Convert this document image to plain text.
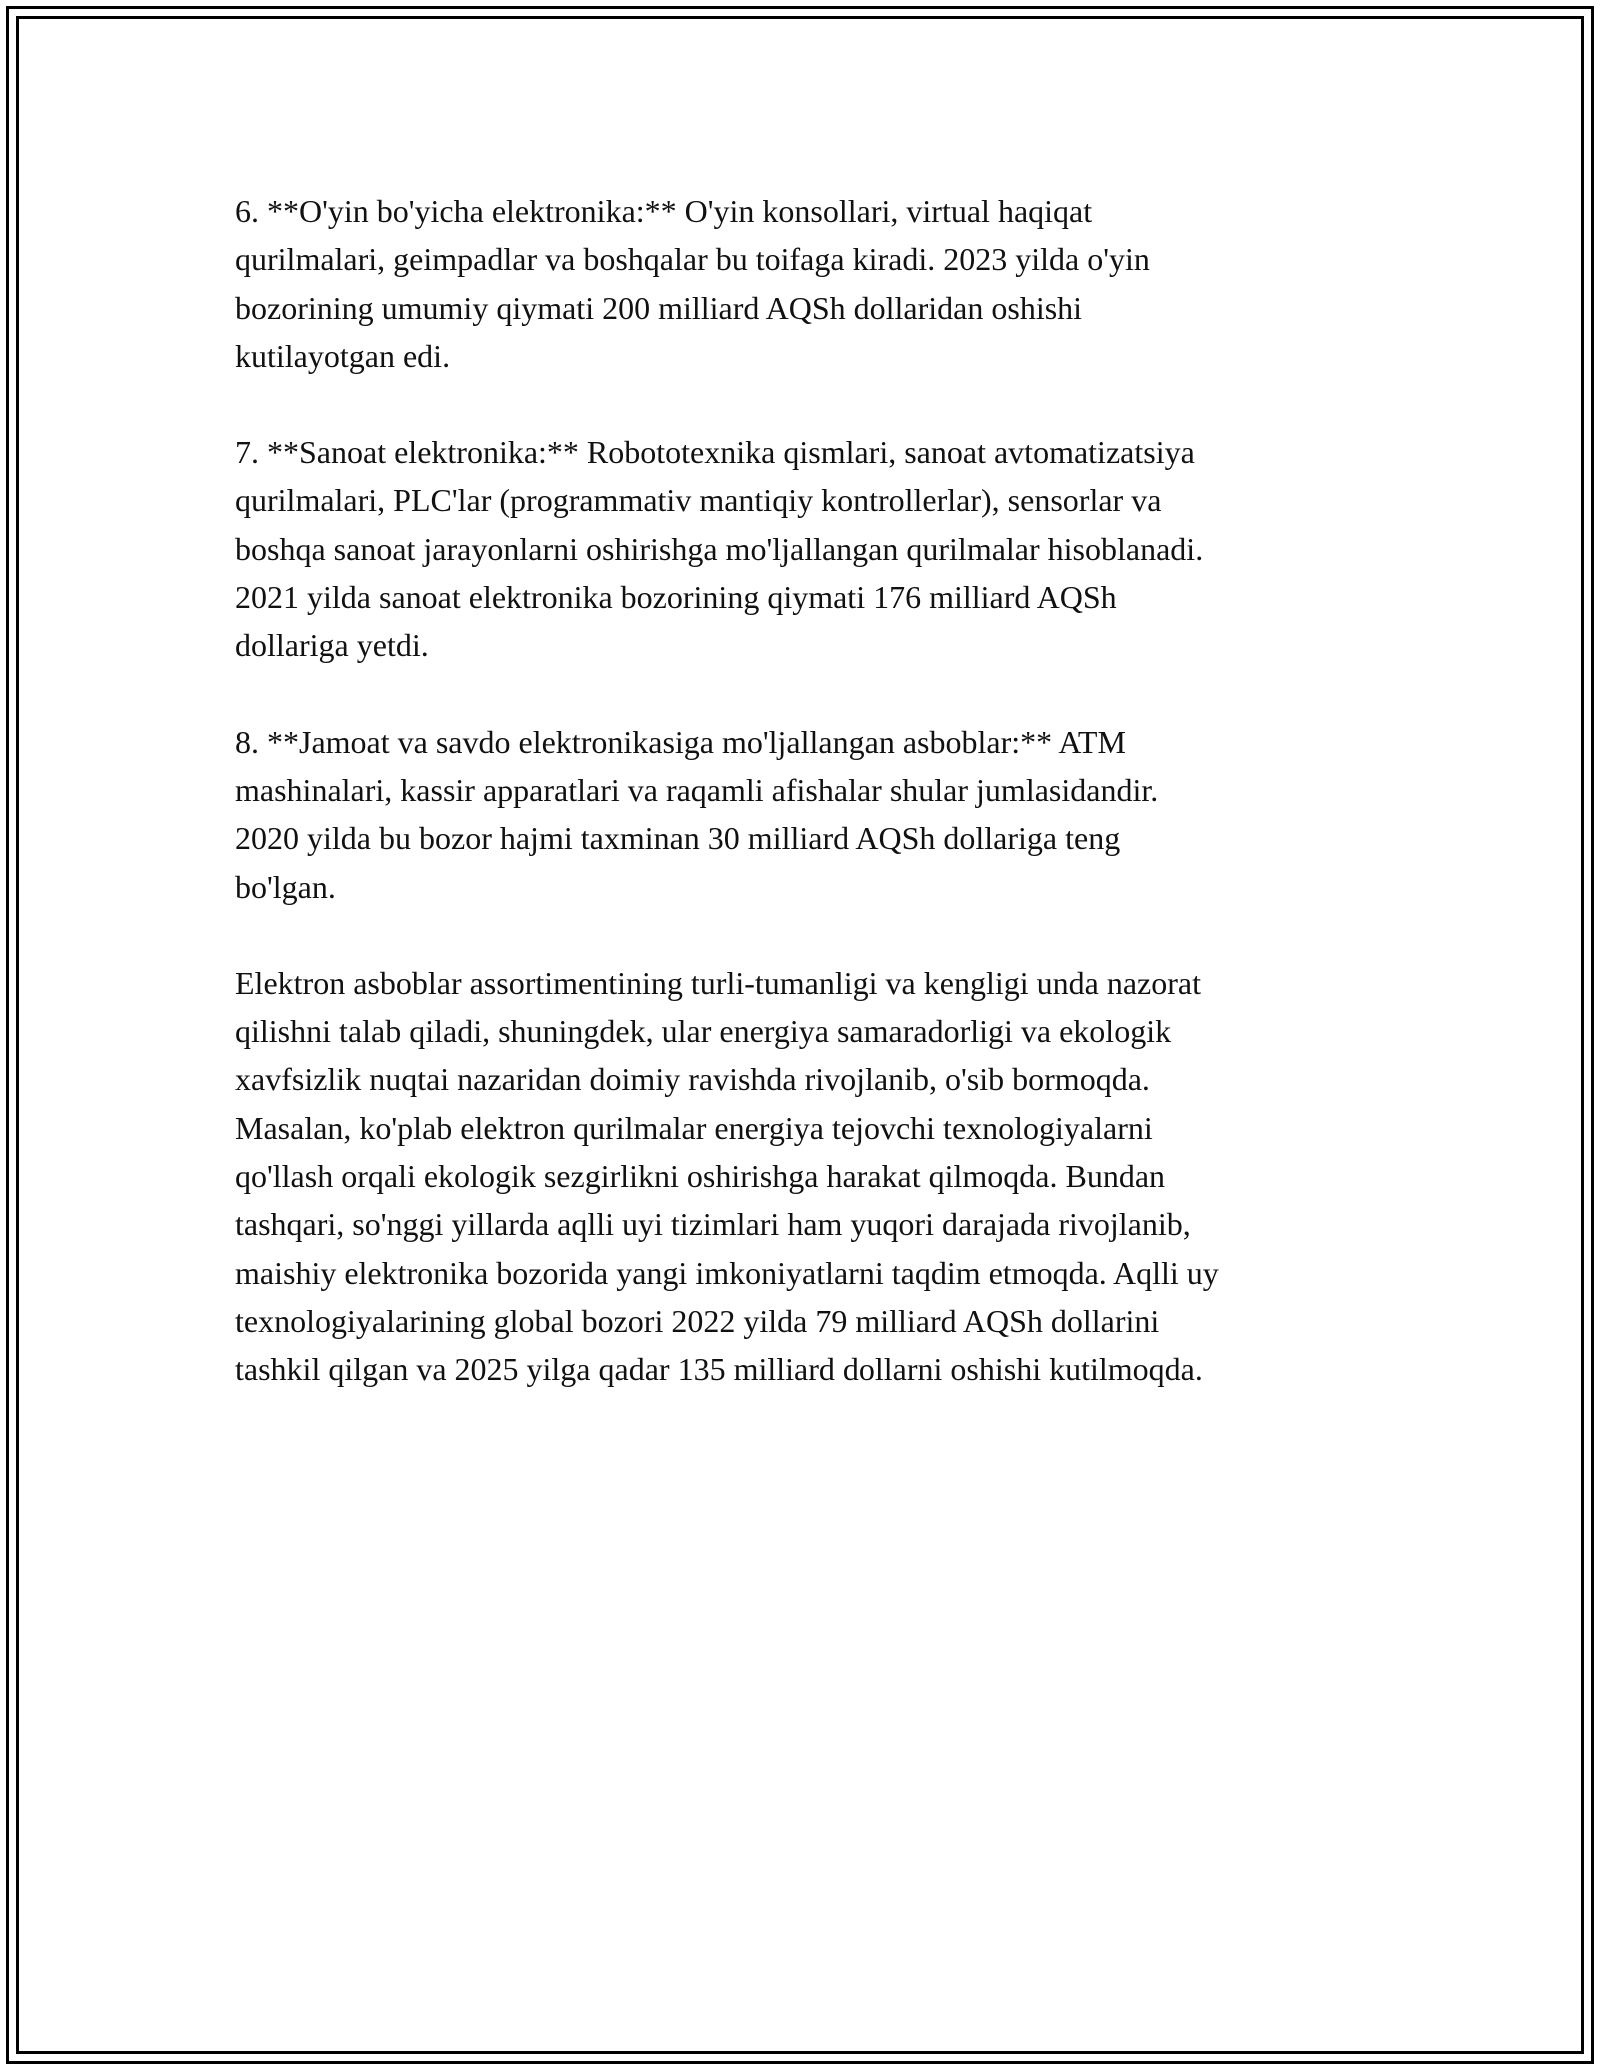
6. **O'yin bo'yicha elektronika:** O'yin konsollari, virtual haqiqat
qurilmalari, geimpadlar va boshqalar bu toifaga kiradi. 2023 yilda o'yin
bozorining umumiy qiymati 200 milliard AQSh dollaridan oshishi
kutilayotgan edi.

7. **Sanoat elektronika:** Robototexnika qismlari, sanoat avtomatizatsiya
qurilmalari, PLC'lar (programmativ mantiqiy kontrollerlar), sensorlar va
boshqa sanoat jarayonlarni oshirishga mo'ljallangan qurilmalar hisoblanadi.
2021 yilda sanoat elektronika bozorining qiymati 176 milliard AQSh
dollariga yetdi.

8. **Jamoat va savdo elektronikasiga mo'ljallangan asboblar:** ATM
mashinalari, kassir apparatlari va raqamli afishalar shular jumlasidandir.
2020 yilda bu bozor hajmi taxminan 30 milliard AQSh dollariga teng
bo'lgan.

Elektron asboblar assortimentining turli-tumanligi va kengligi unda nazorat
qilishni talab qiladi, shuningdek, ular energiya samaradorligi va ekologik
xavfsizlik nuqtai nazaridan doimiy ravishda rivojlanib, o'sib bormoqda.
Masalan, ko'plab elektron qurilmalar energiya tejovchi texnologiyalarni
qo'llash orqali ekologik sezgirlikni oshirishga harakat qilmoqda. Bundan
tashqari, so'nggi yillarda aqlli uyi tizimlari ham yuqori darajada rivojlanib,
maishiy elektronika bozorida yangi imkoniyatlarni taqdim etmoqda. Aqlli uy
texnologiyalarining global bozori 2022 yilda 79 milliard AQSh dollarini
tashkil qilgan va 2025 yilga qadar 135 milliard dollarni oshishi kutilmoqda.
